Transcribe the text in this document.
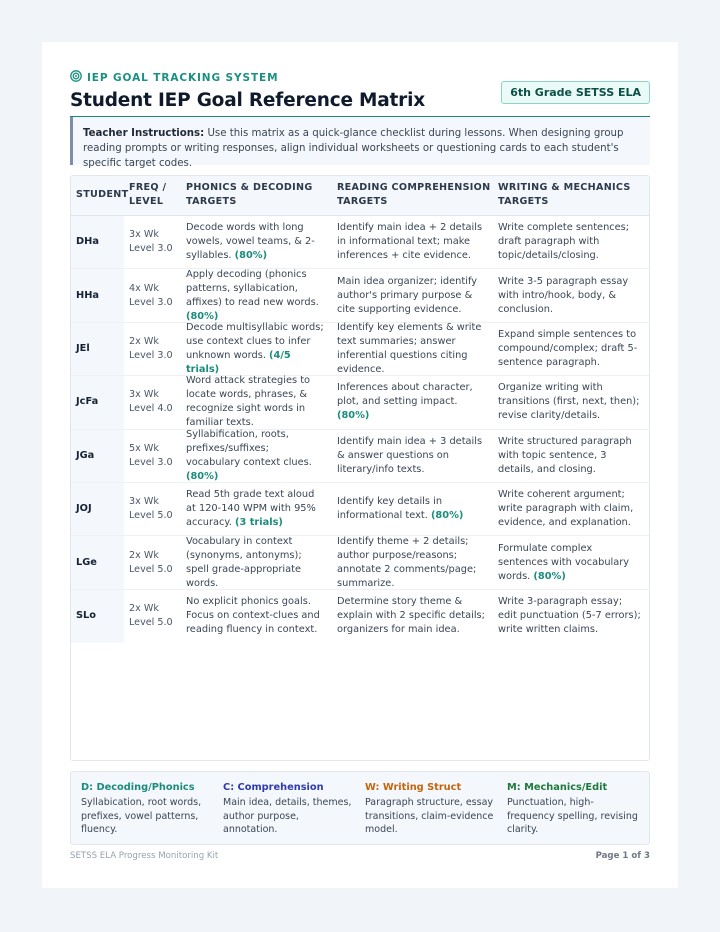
IEP GOAL TRACKING SYSTEM
Student IEP Goal Reference Matrix	6th Grade SETSS ELA
Teacher Instructions: Use this matrix as a quick-glance checklist during lessons. When designing group reading prompts or writing responses, align individual worksheets or questioning cards to each student's specific target codes.
STUDENT
FREQ / LEVEL
PHONICS & DECODING TARGETS
READING COMPREHENSION TARGETS
WRITING & MECHANICS TARGETS
DHa
3x Wk
Level 3.0
Decode words with long vowels, vowel teams, & 2-syllables. (80%)
Identify main idea + 2 details in informational text; make inferences + cite evidence.
Write complete sentences; draft paragraph with topic/details/closing.
HHa
4x Wk
Level 3.0
Apply decoding (phonics patterns, syllabication, affixes) to read new words. (80%)
Main idea organizer; identify author's primary purpose & cite supporting evidence.
Write 3-5 paragraph essay with intro/hook, body, & conclusion.
JEl
2x Wk
Level 3.0
Decode multisyllabic words; use context clues to infer unknown words. (4/5 trials)
Identify key elements & write text summaries; answer inferential questions citing evidence.
Expand simple sentences to compound/complex; draft 5-sentence paragraph.
JcFa
3x Wk
Level 4.0
Word attack strategies to locate words, phrases, & recognize sight words in familiar texts.
Inferences about character, plot, and setting impact. (80%)
Organize writing with transitions (first, next, then); revise clarity/details.
JGa
5x Wk
Level 3.0
Syllabification, roots, prefixes/suffixes; vocabulary context clues. (80%)
Identify main idea + 3 details & answer questions on literary/info texts.
Write structured paragraph with topic sentence, 3 details, and closing.
JOJ
3x Wk
Level 5.0
Read 5th grade text aloud at 120-140 WPM with 95% accuracy. (3 trials)
Identify key details in informational text. (80%)
Write coherent argument; write paragraph with claim, evidence, and explanation.
LGe
2x Wk
Level 5.0
Vocabulary in context (synonyms, antonyms); spell grade-appropriate words.
Identify theme + 2 details; author purpose/reasons; annotate 2 comments/page; summarize.
Formulate complex sentences with vocabulary words. (80%)
SLo
2x Wk
Level 5.0
No explicit phonics goals. Focus on context-clues and reading fluency in context.
Determine story theme & explain with 2 specific details; organizers for main idea.
Write 3-paragraph essay; edit punctuation (5-7 errors); write written claims.
D: Decoding/Phonics
Syllabication, root words, prefixes, vowel patterns, fluency.
C: Comprehension
Main idea, details, themes, author purpose, annotation.
W: Writing Struct
Paragraph structure, essay transitions, claim-evidence model.
M: Mechanics/Edit
Punctuation, high-frequency spelling, revising clarity.
SETSS ELA Progress Monitoring Kit	Page 1 of 3
